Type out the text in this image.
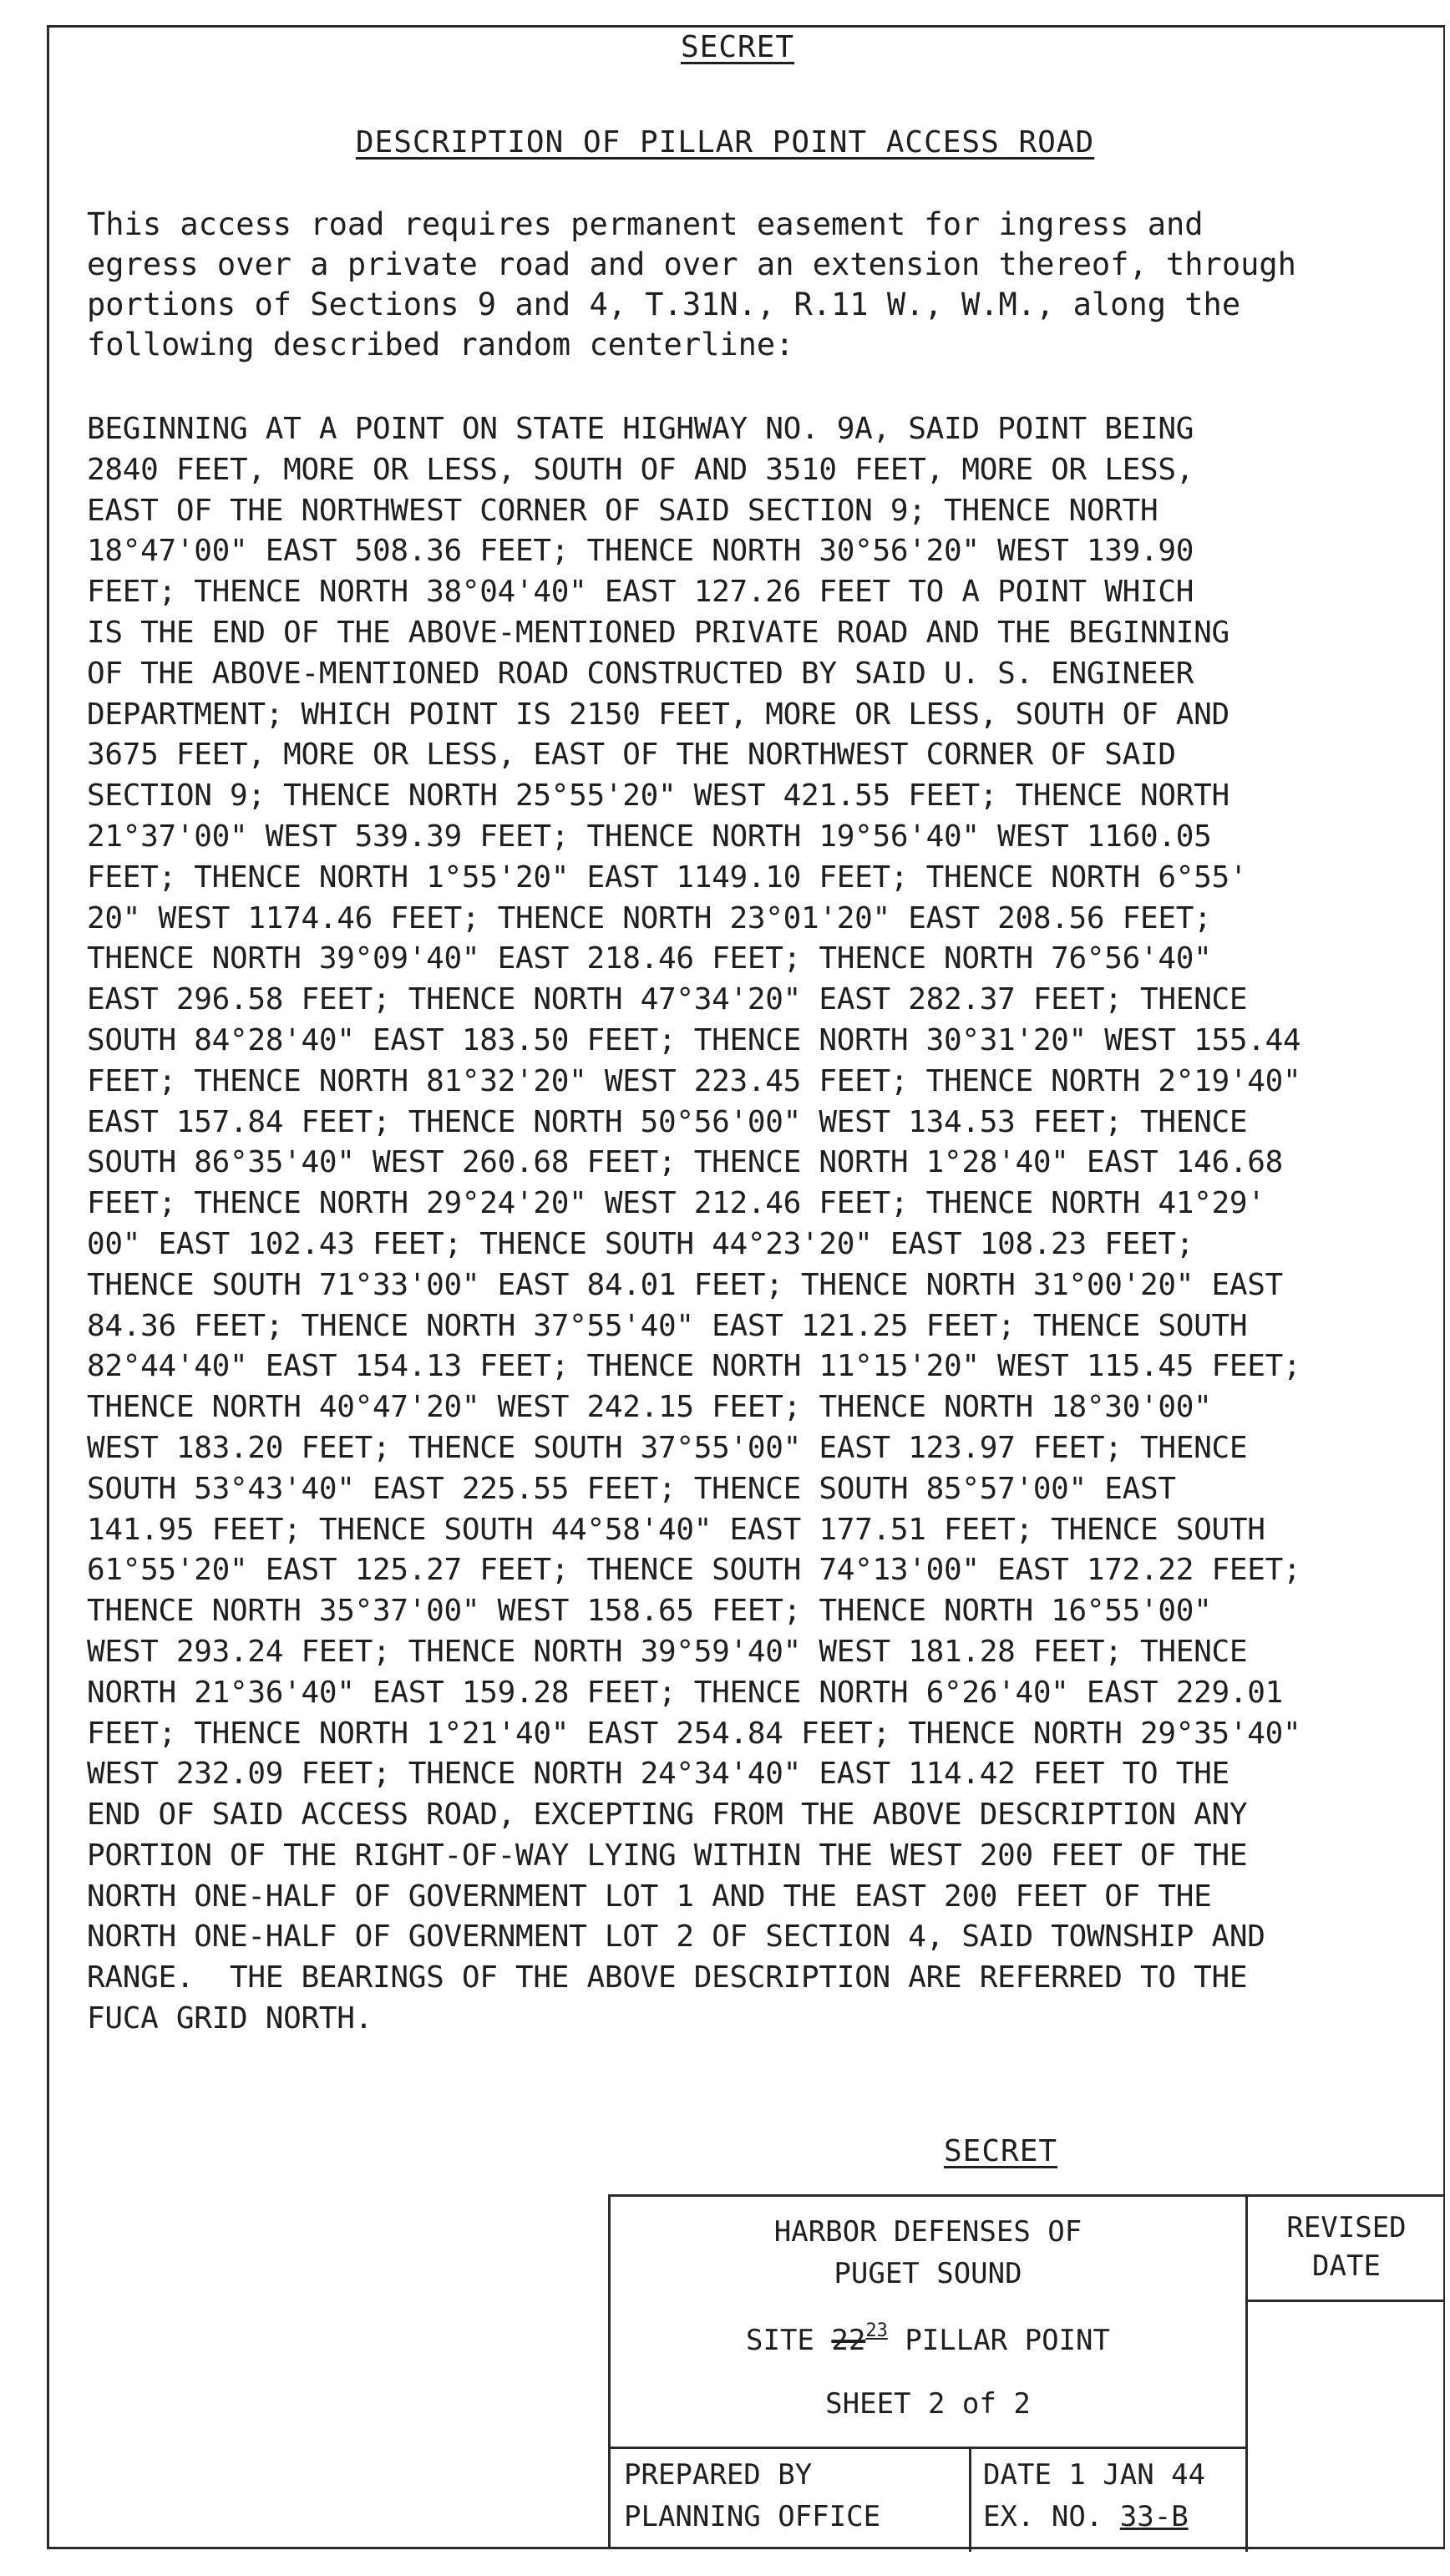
SECRET
DESCRIPTION OF PILLAR POINT ACCESS ROAD
This access road requires permanent easement for ingress and
egress over a private road and over an extension thereof, through
portions of Sections 9 and 4, T.31N., R.11 W., W.M., along the
following described random centerline:
BEGINNING AT A POINT ON STATE HIGHWAY NO. 9A, SAID POINT BEING
2840 FEET, MORE OR LESS, SOUTH OF AND 3510 FEET, MORE OR LESS,
EAST OF THE NORTHWEST CORNER OF SAID SECTION 9; THENCE NORTH
18°47'00" EAST 508.36 FEET; THENCE NORTH 30°56'20" WEST 139.90
FEET; THENCE NORTH 38°04'40" EAST 127.26 FEET TO A POINT WHICH
IS THE END OF THE ABOVE-MENTIONED PRIVATE ROAD AND THE BEGINNING
OF THE ABOVE-MENTIONED ROAD CONSTRUCTED BY SAID U. S. ENGINEER
DEPARTMENT; WHICH POINT IS 2150 FEET, MORE OR LESS, SOUTH OF AND
3675 FEET, MORE OR LESS, EAST OF THE NORTHWEST CORNER OF SAID
SECTION 9; THENCE NORTH 25°55'20" WEST 421.55 FEET; THENCE NORTH
21°37'00" WEST 539.39 FEET; THENCE NORTH 19°56'40" WEST 1160.05
FEET; THENCE NORTH 1°55'20" EAST 1149.10 FEET; THENCE NORTH 6°55'
20" WEST 1174.46 FEET; THENCE NORTH 23°01'20" EAST 208.56 FEET;
THENCE NORTH 39°09'40" EAST 218.46 FEET; THENCE NORTH 76°56'40"
EAST 296.58 FEET; THENCE NORTH 47°34'20" EAST 282.37 FEET; THENCE
SOUTH 84°28'40" EAST 183.50 FEET; THENCE NORTH 30°31'20" WEST 155.44
FEET; THENCE NORTH 81°32'20" WEST 223.45 FEET; THENCE NORTH 2°19'40"
EAST 157.84 FEET; THENCE NORTH 50°56'00" WEST 134.53 FEET; THENCE
SOUTH 86°35'40" WEST 260.68 FEET; THENCE NORTH 1°28'40" EAST 146.68
FEET; THENCE NORTH 29°24'20" WEST 212.46 FEET; THENCE NORTH 41°29'
00" EAST 102.43 FEET; THENCE SOUTH 44°23'20" EAST 108.23 FEET;
THENCE SOUTH 71°33'00" EAST 84.01 FEET; THENCE NORTH 31°00'20" EAST
84.36 FEET; THENCE NORTH 37°55'40" EAST 121.25 FEET; THENCE SOUTH
82°44'40" EAST 154.13 FEET; THENCE NORTH 11°15'20" WEST 115.45 FEET;
THENCE NORTH 40°47'20" WEST 242.15 FEET; THENCE NORTH 18°30'00"
WEST 183.20 FEET; THENCE SOUTH 37°55'00" EAST 123.97 FEET; THENCE
SOUTH 53°43'40" EAST 225.55 FEET; THENCE SOUTH 85°57'00" EAST
141.95 FEET; THENCE SOUTH 44°58'40" EAST 177.51 FEET; THENCE SOUTH
61°55'20" EAST 125.27 FEET; THENCE SOUTH 74°13'00" EAST 172.22 FEET;
THENCE NORTH 35°37'00" WEST 158.65 FEET; THENCE NORTH 16°55'00"
WEST 293.24 FEET; THENCE NORTH 39°59'40" WEST 181.28 FEET; THENCE
NORTH 21°36'40" EAST 159.28 FEET; THENCE NORTH 6°26'40" EAST 229.01
FEET; THENCE NORTH 1°21'40" EAST 254.84 FEET; THENCE NORTH 29°35'40"
WEST 232.09 FEET; THENCE NORTH 24°34'40" EAST 114.42 FEET TO THE
END OF SAID ACCESS ROAD, EXCEPTING FROM THE ABOVE DESCRIPTION ANY
PORTION OF THE RIGHT-OF-WAY LYING WITHIN THE WEST 200 FEET OF THE
NORTH ONE-HALF OF GOVERNMENT LOT 1 AND THE EAST 200 FEET OF THE
NORTH ONE-HALF OF GOVERNMENT LOT 2 OF SECTION 4, SAID TOWNSHIP AND
RANGE.  THE BEARINGS OF THE ABOVE DESCRIPTION ARE REFERRED TO THE
FUCA GRID NORTH.
SECRET
HARBOR DEFENSES OF
PUGET SOUND
SITE $22^{23}$ PILLAR POINT
SHEET 2 of 2
REVISED
DATE
PREPARED BY
PLANNING OFFICE
DATE 1 JAN 44
EX. NO. 33-B
